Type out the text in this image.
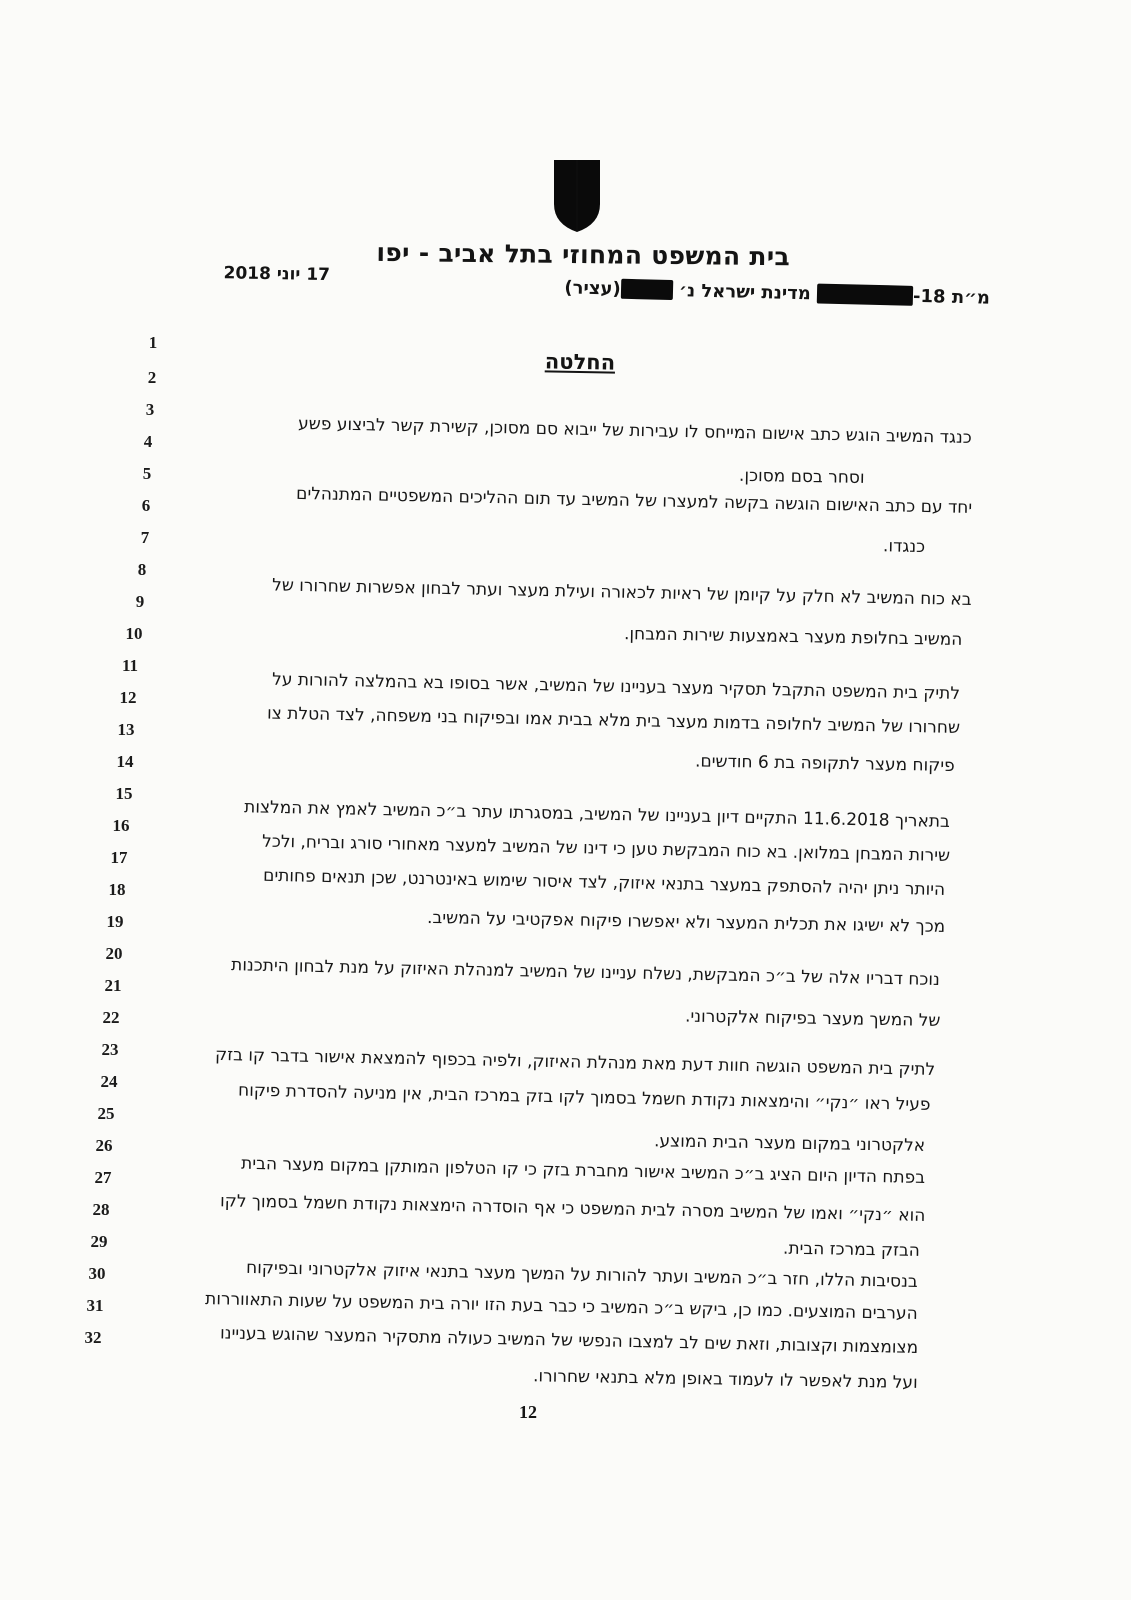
בית המשפט המחוזי בתל אביב - יפו
17 יוני 2018
מ״ת 18- מדינת ישראל נ׳ (עציר)
החלטה
1
2
3
4
5
6
7
8
9
10
11
12
13
14
15
16
17
18
19
20
21
22
23
24
25
26
27
28
29
30
31
32
כנגד המשיב הוגש כתב אישום המייחס לו עבירות של ייבוא סם מסוכן, קשירת קשר לביצוע פשע
וסחר בסם מסוכן.
יחד עם כתב האישום הוגשה בקשה למעצרו של המשיב עד תום ההליכים המשפטיים המתנהלים
כנגדו.
בא כוח המשיב לא חלק על קיומן של ראיות לכאורה ועילת מעצר ועתר לבחון אפשרות שחרורו של
המשיב בחלופת מעצר באמצעות שירות המבחן.
לתיק בית המשפט התקבל תסקיר מעצר בעניינו של המשיב, אשר בסופו בא בהמלצה להורות על
שחרורו של המשיב לחלופה בדמות מעצר בית מלא בבית אמו ובפיקוח בני משפחה, לצד הטלת צו
פיקוח מעצר לתקופה בת 6 חודשים.
בתאריך 11.6.2018 התקיים דיון בעניינו של המשיב, במסגרתו עתר ב״כ המשיב לאמץ את המלצות
שירות המבחן במלואן. בא כוח המבקשת טען כי דינו של המשיב למעצר מאחורי סורג ובריח, ולכל
היותר ניתן יהיה להסתפק במעצר בתנאי איזוק, לצד איסור שימוש באינטרנט, שכן תנאים פחותים
מכך לא ישיגו את תכלית המעצר ולא יאפשרו פיקוח אפקטיבי על המשיב.
נוכח דבריו אלה של ב״כ המבקשת, נשלח עניינו של המשיב למנהלת האיזוק על מנת לבחון היתכנות
של המשך מעצר בפיקוח אלקטרוני.
לתיק בית המשפט הוגשה חוות דעת מאת מנהלת האיזוק, ולפיה בכפוף להמצאת אישור בדבר קו בזק
פעיל ראו ״נקי״ והימצאות נקודת חשמל בסמוך לקו בזק במרכז הבית, אין מניעה להסדרת פיקוח
אלקטרוני במקום מעצר הבית המוצע.
בפתח הדיון היום הציג ב״כ המשיב אישור מחברת בזק כי קו הטלפון המותקן במקום מעצר הבית
הוא ״נקי״ ואמו של המשיב מסרה לבית המשפט כי אף הוסדרה הימצאות נקודת חשמל בסמוך לקו
הבזק במרכז הבית.
בנסיבות הללו, חזר ב״כ המשיב ועתר להורות על המשך מעצר בתנאי איזוק אלקטרוני ובפיקוח
הערבים המוצעים. כמו כן, ביקש ב״כ המשיב כי כבר בעת הזו יורה בית המשפט על שעות התאווררות
מצומצמות וקצובות, וזאת שים לב למצבו הנפשי של המשיב כעולה מתסקיר המעצר שהוגש בעניינו
ועל מנת לאפשר לו לעמוד באופן מלא בתנאי שחרורו.
12
